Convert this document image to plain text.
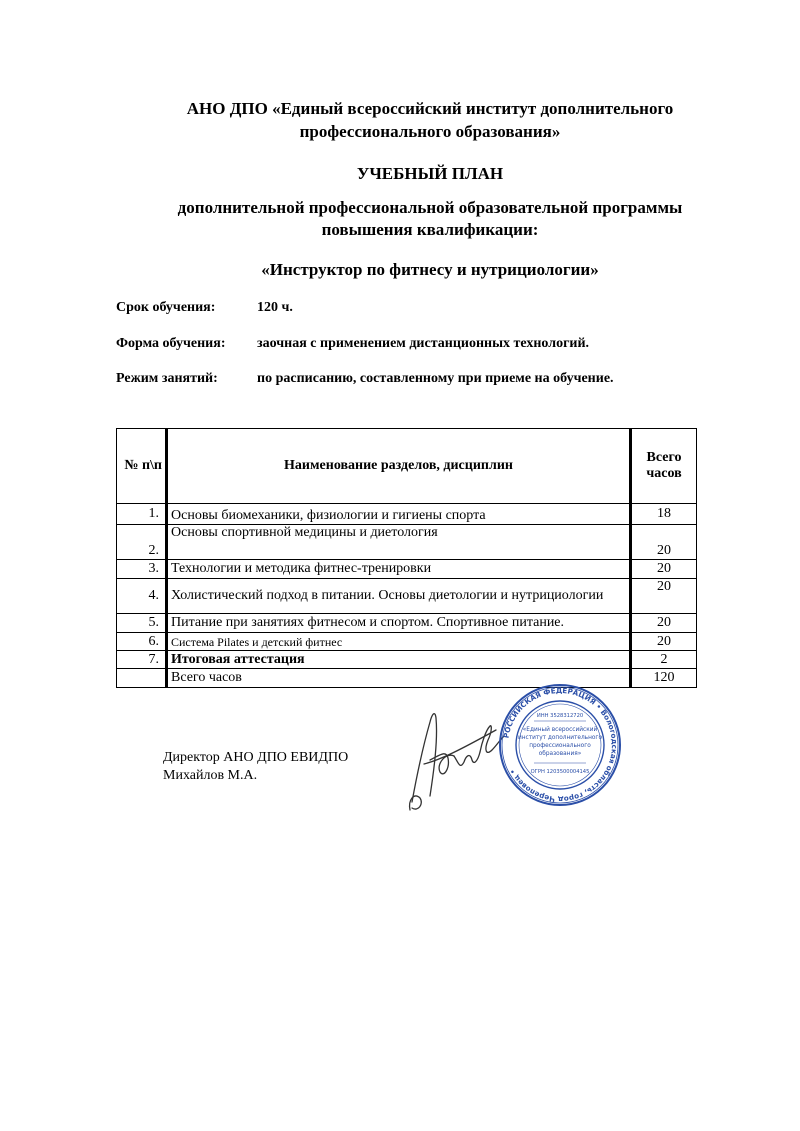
АНО ДПО «Единый всероссийский институт дополнительного
профессионального образования»
УЧЕБНЫЙ ПЛАН
дополнительной профессиональной образовательной программы
повышения квалификации:
«Инструктор по фитнесу и нутрициологии»
Срок обучения:	120 ч.
Форма обучения: заочная с применением дистанционных технологий.
Режим занятий:	по расписанию, составленному при приеме на обучение.
№ п\п	Наименование разделов, дисциплин	Всего
часов

1.	Основы биомеханики, физиологии и гигиены спорта	18
2.	Основы спортивной медицины и диетология	20
3.	Технологии и методика фитнес-тренировки	20
4.	Холистический подход в питании. Основы диетологии и нутрициологии	20
5.	Питание при занятиях фитнесом и спортом. Спортивное питание.	20
6.	Система Pilates и детский фитнес	20
7.	Итоговая аттестация	2
	Всего часов	120
Директор АНО ДПО ЕВИДПО
Михайлов М.А.
РОССИЙСКАЯ ФЕДЕРАЦИЯ • Вологодская область, город Череповец •
ИНН 3528312720
«Единый всероссийский
институт дополнительного
профессионального
образования»
ОГРН 1203500004145
